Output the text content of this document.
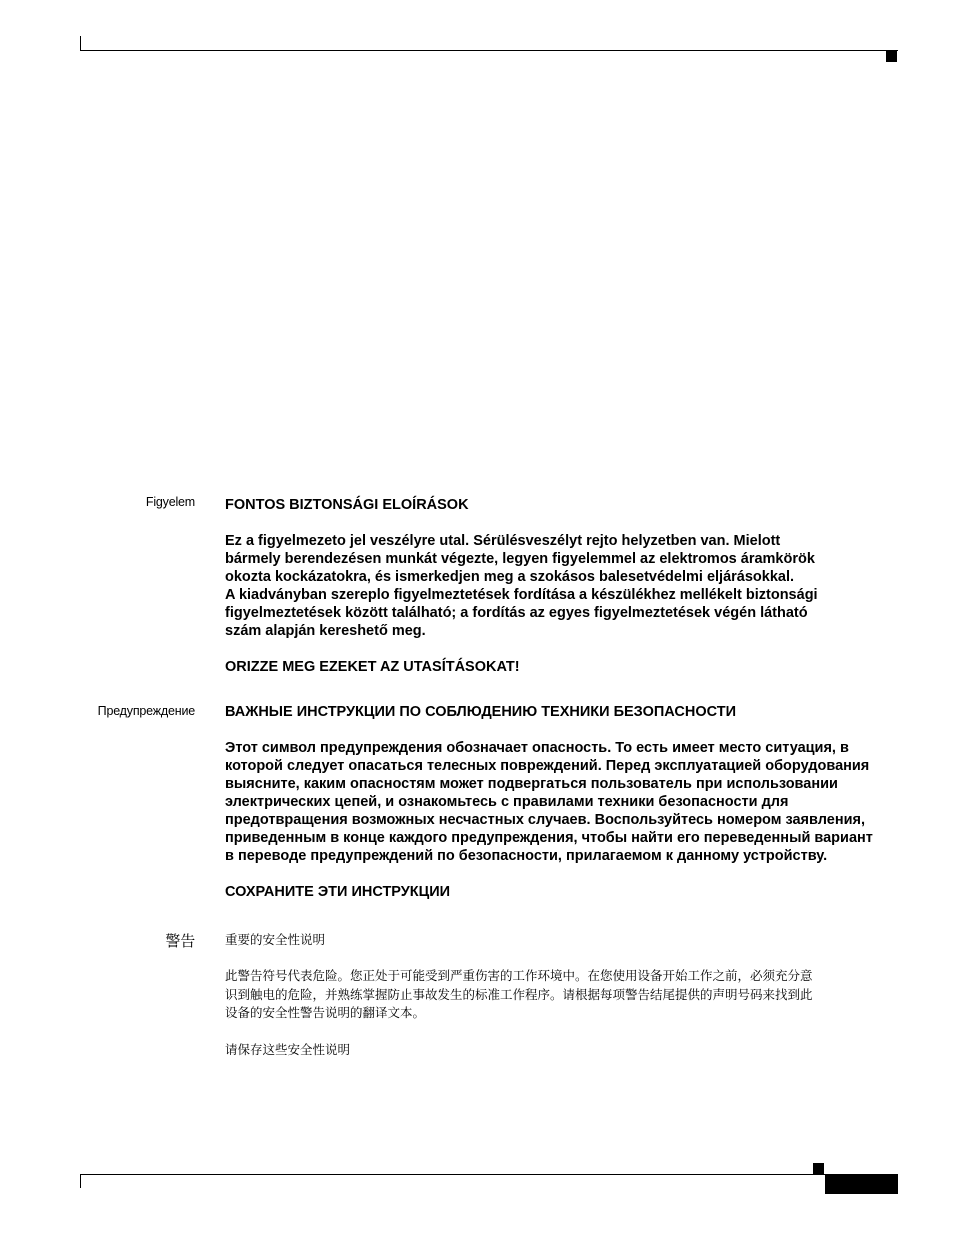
Figyelem FONTOS BIZTONSÁGI ELOÍRÁSOK

Ez a figyelmezeto jel veszélyre utal. Sérülésveszélyt rejto helyzetben van. Mielott
bármely berendezésen munkát végezte, legyen figyelemmel az elektromos áramkörök
okozta kockázatokra, és ismerkedjen meg a szokásos balesetvédelmi eljárásokkal.
A kiadványban szereplo figyelmeztetések fordítása a készülékhez mellékelt biztonsági
figyelmeztetések között található; a fordítás az egyes figyelmeztetések végén látható
szám alapján kereshető meg.

ORIZZE MEG EZEKET AZ UTASÍTÁSOKAT!

Предупреждение ВАЖНЫЕ ИНСТРУКЦИИ ПО СОБЛЮДЕНИЮ ТЕХНИКИ БЕЗОПАСНОСТИ

Этот символ предупреждения обозначает опасность. То есть имеет место ситуация, в
которой следует опасаться телесных повреждений. Перед эксплуатацией оборудования
выясните, каким опасностям может подвергаться пользователь при использовании
электрических цепей, и ознакомьтесь с правилами техники безопасности для
предотвращения возможных несчастных случаев. Воспользуйтесь номером заявления,
приведенным в конце каждого предупреждения, чтобы найти его переведенный вариант
в переводе предупреждений по безопасности, прилагаемом к данному устройству.

СОХРАНИТЕ ЭТИ ИНСТРУКЦИИ

警告 重要的安全性说明

此警告符号代表危险。您正处于可能受到严重伤害的工作环境中。在您使用设备开始工作之前，必须充分意
识到触电的危险，并熟练掌握防止事故发生的标准工作程序。请根据每项警告结尾提供的声明号码来找到此
设备的安全性警告说明的翻译文本。

请保存这些安全性说明
